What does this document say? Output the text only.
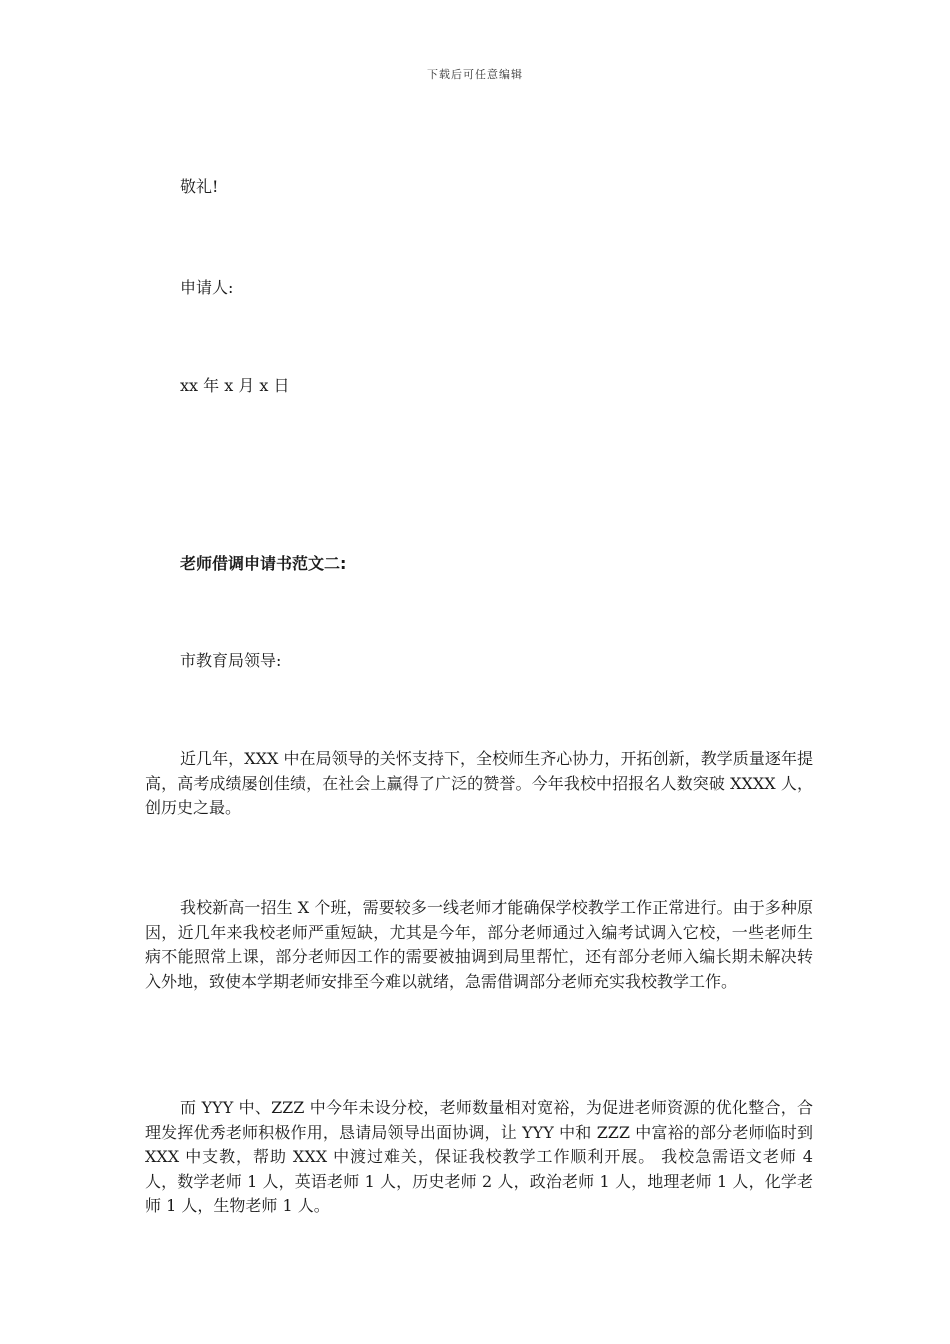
下载后可任意编辑
敬礼!
申请人:
xx 年 x 月 x 日
老师借调申请书范文二:
市教育局领导:

近几年，XXX 中在局领导的关怀支持下，全校师生齐心协力，开拓创新，教学质量逐年提高，高考成绩屡创佳绩，在社会上赢得了广泛的赞誉。今年我校中招报名人数突破 XXXX 人，创历史之最。

我校新高一招生 X 个班，需要较多一线老师才能确保学校教学工作正常进行。由于多种原因，近几年来我校老师严重短缺，尤其是今年，部分老师通过入编考试调入它校，一些老师生病不能照常上课，部分老师因工作的需要被抽调到局里帮忙，还有部分老师入编长期未解决转入外地，致使本学期老师安排至今难以就绪，急需借调部分老师充实我校教学工作。

而 YYY 中、ZZZ 中今年未设分校，老师数量相对宽裕，为促进老师资源的优化整合，合理发挥优秀老师积极作用，恳请局领导出面协调，让 YYY 中和 ZZZ 中富裕的部分老师临时到 XXX 中支教，帮助 XXX 中渡过难关，保证我校教学工作顺利开展。 我校急需语文老师 4 人，数学老师 1 人，英语老师 1 人，历史老师 2 人，政治老师 1 人，地理老师 1 人，化学老师 1 人，生物老师 1 人。
